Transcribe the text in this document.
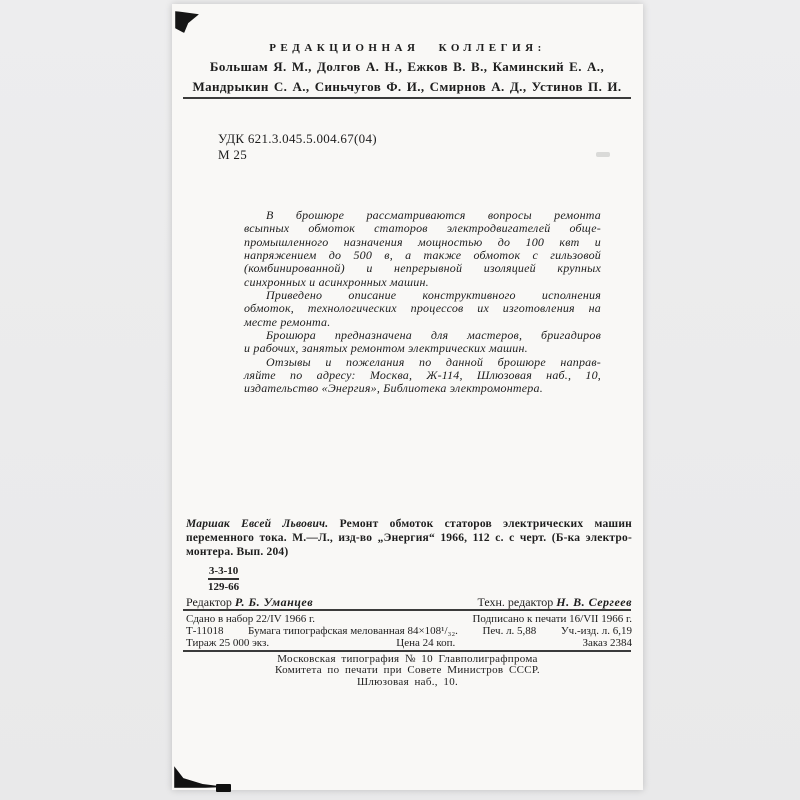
РЕДАКЦИОННАЯ КОЛЛЕГИЯ:
Большам Я. М., Долгов А. Н., Ежков В. В., Каминский Е. А.,
Мандрыкин С. А., Синьчугов Ф. И., Смирнов А. Д., Устинов П. И.
УДК 621.3.045.5.004.67(04)
М 25
В брошюре рассматриваются вопросы ремонта
всыпных обмоток статоров электродвигателей обще-
промышленного назначения мощностью до 100 квт и
напряжением до 500 в, а также обмоток с гильзовой
(комбинированной) и непрерывной изоляцией крупных
синхронных и асинхронных машин.
Приведено описание конструктивного исполнения
обмоток, технологических процессов их изготовления на
месте ремонта.
Брошюра предназначена для мастеров, бригадиров
и рабочих, занятых ремонтом электрических машин.
Отзывы и пожелания по данной брошюре направ-
ляйте по адресу: Москва, Ж-114, Шлюзовая наб., 10,
издательство «Энергия», Библиотека электромонтера.
Маршак Евсей Львович. Ремонт обмоток статоров электрических машин
переменного тока. М.—Л., изд-во „Энергия“ 1966, 112 с. с черт. (Б-ка электро-
монтера. Вып. 204)
3-3-10
129-66
Редактор Р. Б. Уманцев	Техн. редактор Н. В. Сергеев
Сдано в набор 22/IV 1966 г.	Подписано к печати 16/VII 1966 г.
Т-11018 Бумага типографская мелованная 84×108¹/₃₂. Печ. л. 5,88 Уч.-изд. л. 6,19
Тираж 25 000 экз.	Цена 24 коп.	Заказ 2384
Московская типография № 10 Главполиграфпрома
Комитета по печати при Совете Министров СССР.
Шлюзовая наб., 10.
